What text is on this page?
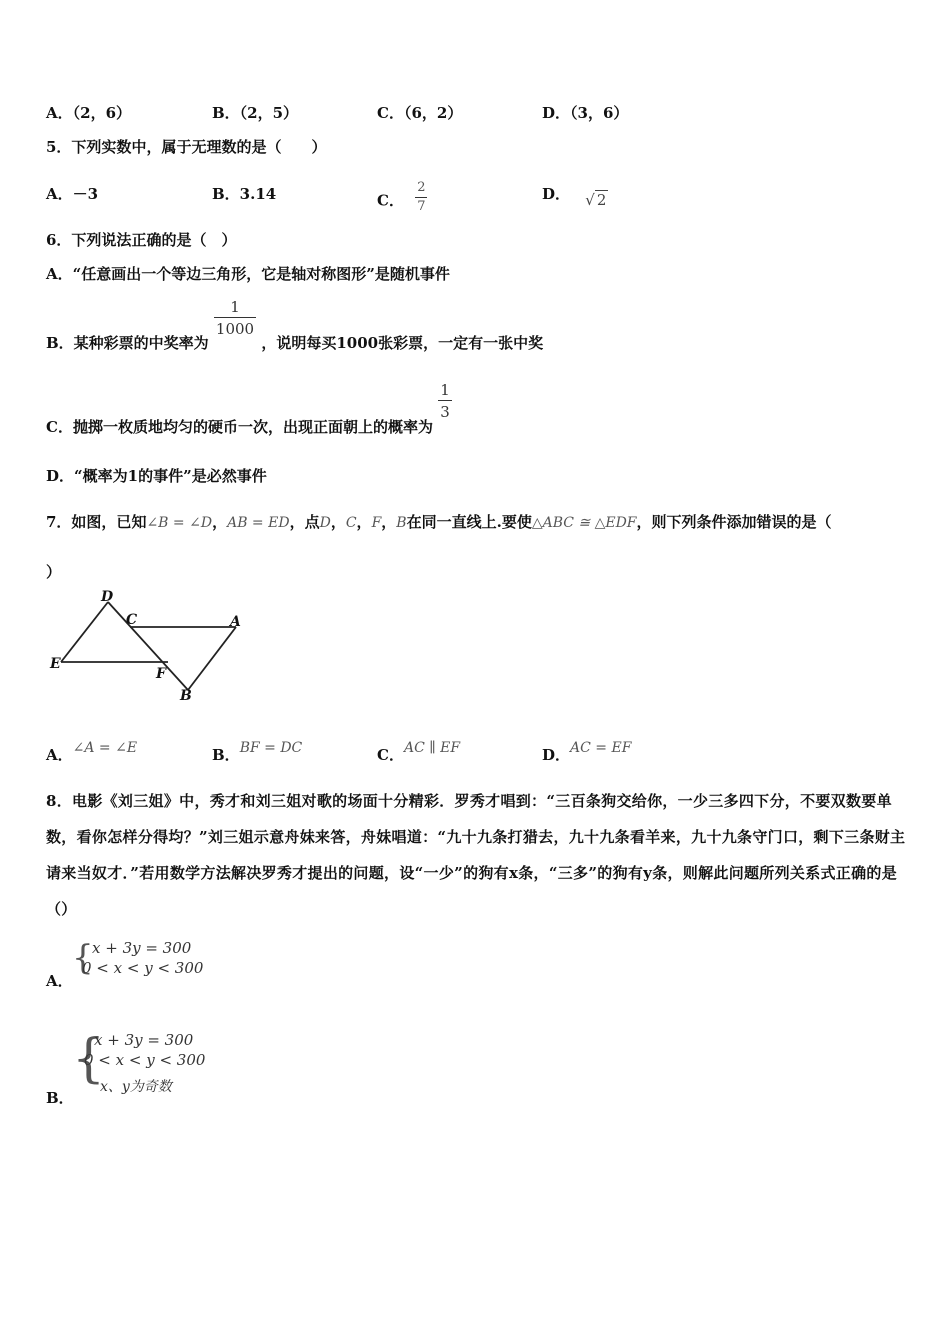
A．（2，6）	B．（2，5）	C．（6，2）	D．（3，6）
5．下列实数中，属于无理数的是（　　）
A．－3	B．3.14	C． $\frac{2}{7}$	D． √ 2
6．下列说法正确的是（　）
A．“任意画出一个等边三角形，它是轴对称图形”是随机事件
B．某种彩票的中奖率为
$\frac{1}{1000}$
，说明每买1000张彩票，一定有一张中奖
C．抛掷一枚质地均匀的硬币一次，出现正面朝上的概率为
$\frac{1}{3}$
D．“概率为1的事件”是必然事件
7．如图，已知∠B = ∠D，AB = ED，点D，C，F，B在同一直线上.要使△ABC ≅ △EDF，则下列条件添加错误的是（
）
D
C	A
E
F
B
A．∠A = ∠E	B．BF = DC	C．AC ∥ EF	D．AC = EF
8．电影《刘三姐》中，秀才和刘三姐对歌的场面十分精彩．罗秀才唱到：“三百条狗交给你，一少三多四下分，不要双数要单数，看你怎样分得均？”刘三姐示意舟妹来答，舟妹唱道：“九十九条打猎去，九十九条看羊来，九十九条守门口，剩下三条财主请来当奴才．”若用数学方法解决罗秀才提出的问题，设“一少”的狗有x条，“三多”的狗有y条，则解此问题所列关系式正确的是（）
A．
{
x + 3y = 300
0 < x < y < 300
B．
{
x + 3y = 300
0 < x < y < 300
x、y为奇数
